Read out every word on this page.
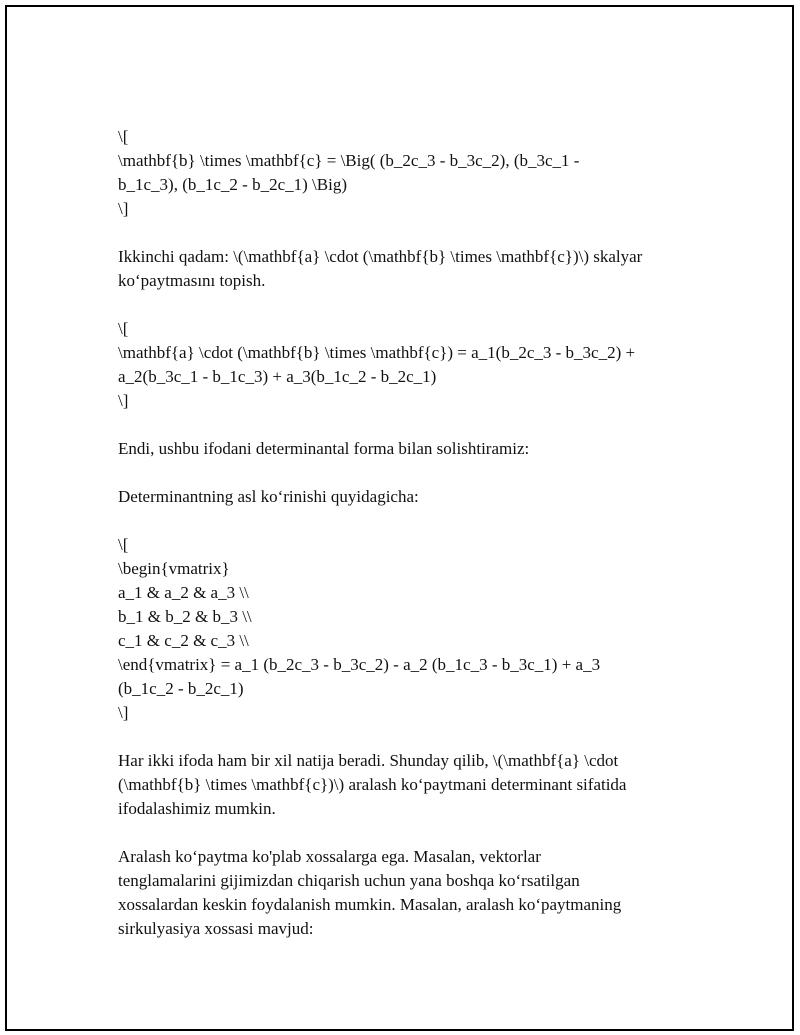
\[
\mathbf{b} \times \mathbf{c} = \Big( (b_2c_3 - b_3c_2), (b_3c_1 -
b_1c_3), (b_1c_2 - b_2c_1) \Big)
\]
Ikkinchi qadam: \(\mathbf{a} \cdot (\mathbf{b} \times \mathbf{c})\) skalyar
ko‘paytmasını topish.
\[
\mathbf{a} \cdot (\mathbf{b} \times \mathbf{c}) = a_1(b_2c_3 - b_3c_2) +
a_2(b_3c_1 - b_1c_3) + a_3(b_1c_2 - b_2c_1)
\]
Endi, ushbu ifodani determinantal forma bilan solishtiramiz:
Determinantning asl ko‘rinishi quyidagicha:
\[
\begin{vmatrix}
a_1 & a_2 & a_3 \\
b_1 & b_2 & b_3 \\
c_1 & c_2 & c_3 \\
\end{vmatrix} = a_1 (b_2c_3 - b_3c_2) - a_2 (b_1c_3 - b_3c_1) + a_3
(b_1c_2 - b_2c_1)
\]
Har ikki ifoda ham bir xil natija beradi. Shunday qilib, \(\mathbf{a} \cdot
(\mathbf{b} \times \mathbf{c})\) aralash ko‘paytmani determinant sifatida
ifodalashimiz mumkin.
Aralash ko‘paytma ko'plab xossalarga ega. Masalan, vektorlar
tenglamalarini gijimizdan chiqarish uchun yana boshqa ko‘rsatilgan
xossalardan keskin foydalanish mumkin. Masalan, aralash ko‘paytmaning
sirkulyasiya xossasi mavjud:
